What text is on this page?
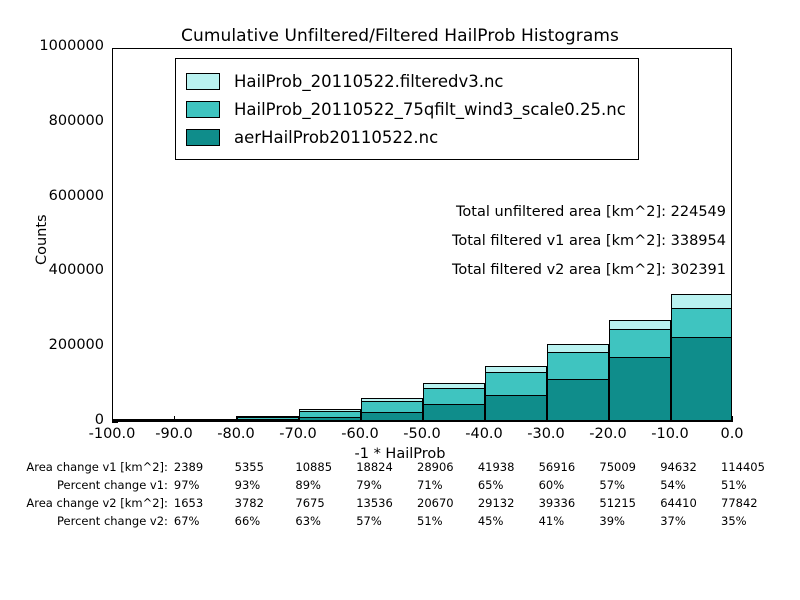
Cumulative Unfiltered/Filtered HailProb Histograms
Counts
0
200000
400000
600000
800000
1000000
-100.0	-90.0	-80.0	-70.0	-60.0	-50.0	-40.0	-30.0	-20.0	-10.0	0.0
-1 * HailProb
HailProb_20110522.filteredv3.nc
HailProb_20110522_75qfilt_wind3_scale0.25.nc
aerHailProb20110522.nc
Total unfiltered area [km^2]: 224549
Total filtered v1 area [km^2]: 338954
Total filtered v2 area [km^2]: 302391
Area change v1 [km^2]:	2389	5355	10885	18824	28906	41938	56916	75009	94632	114405
Percent change v1:	97%	93%	89%	79%	71%	65%	60%	57%	54%	51%
Area change v2 [km^2]:	1653	3782	7675	13536	20670	29132	39336	51215	64410	77842
Percent change v2:	67%	66%	63%	57%	51%	45%	41%	39%	37%	35%
